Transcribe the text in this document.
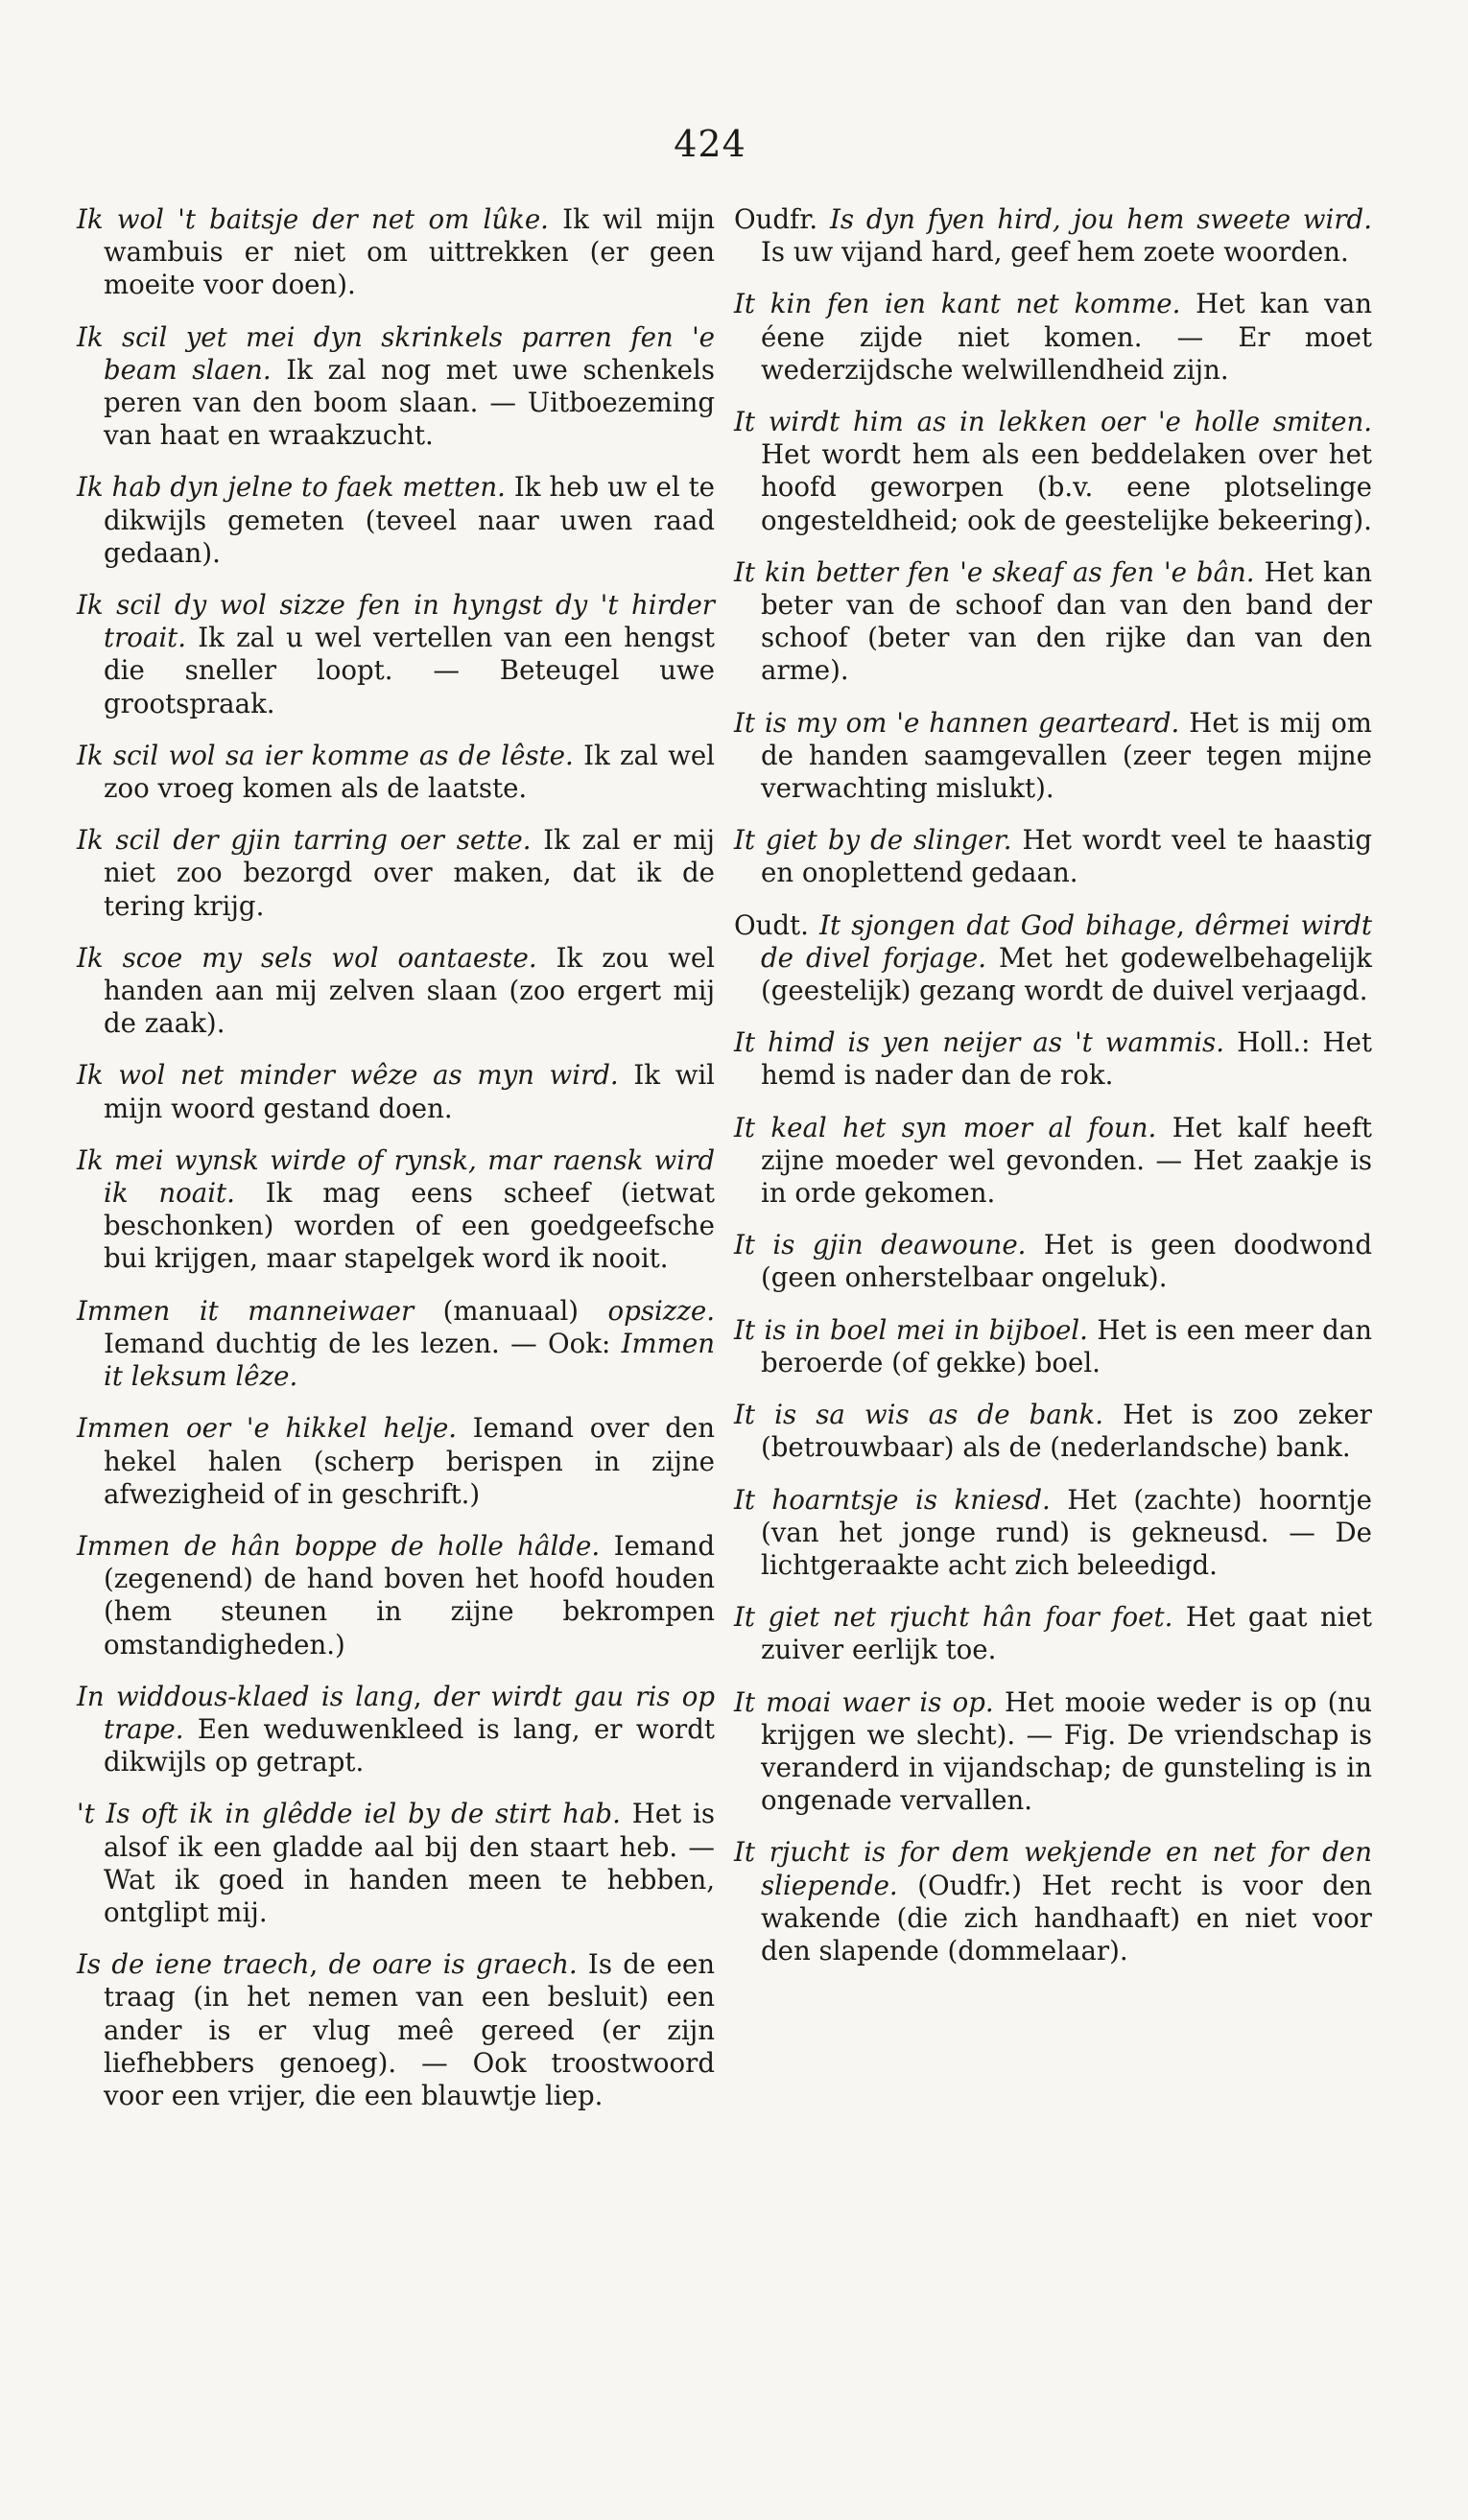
424

Ik wol 't baitsje der net om lûke. Ik wil mijn wambuis er niet om uittrekken (er geen moeite voor doen).

Ik scil yet mei dyn skrinkels parren fen 'e beam slaen. Ik zal nog met uwe schenkels peren van den boom slaan. — Uitboezeming van haat en wraakzucht.

Ik hab dyn jelne to faek metten. Ik heb uw el te dikwijls gemeten (teveel naar uwen raad gedaan).

Ik scil dy wol sizze fen in hyngst dy 't hirder troait. Ik zal u wel vertellen van een hengst die sneller loopt. — Beteugel uwe grootspraak.

Ik scil wol sa ier komme as de lêste. Ik zal wel zoo vroeg komen als de laatste.

Ik scil der gjin tarring oer sette. Ik zal er mij niet zoo bezorgd over maken, dat ik de tering krijg.

Ik scoe my sels wol oantaeste. Ik zou wel handen aan mij zelven slaan (zoo ergert mij de zaak).

Ik wol net minder wêze as myn wird. Ik wil mijn woord gestand doen.

Ik mei wynsk wirde of rynsk, mar raensk wird ik noait. Ik mag eens scheef (ietwat beschonken) worden of een goedgeefsche bui krijgen, maar stapelgek word ik nooit.

Immen it manneiwaer (manuaal) opsizze. Iemand duchtig de les lezen. — Ook: Immen it leksum lêze.

Immen oer 'e hikkel helje. Iemand over den hekel halen (scherp berispen in zijne afwezigheid of in geschrift.)

Immen de hân boppe de holle hâlde. Iemand (zegenend) de hand boven het hoofd houden (hem steunen in zijne bekrompen omstandigheden.)

In widdous-klaed is lang, der wirdt gau ris op trape. Een weduwenkleed is lang, er wordt dikwijls op getrapt.

't Is oft ik in glêdde iel by de stirt hab. Het is alsof ik een gladde aal bij den staart heb. — Wat ik goed in handen meen te hebben, ontglipt mij.

Is de iene traech, de oare is graech. Is de een traag (in het nemen van een besluit) een ander is er vlug meê gereed (er zijn liefhebbers genoeg). — Ook troostwoord voor een vrijer, die een blauwtje liep.

Oudfr. Is dyn fyen hird, jou hem sweete wird. Is uw vijand hard, geef hem zoete woorden.

It kin fen ien kant net komme. Het kan van éene zijde niet komen. — Er moet wederzijdsche welwillendheid zijn.

It wirdt him as in lekken oer 'e holle smiten. Het wordt hem als een beddelaken over het hoofd geworpen (b.v. eene plotselinge ongesteldheid; ook de geestelijke bekeering).

It kin better fen 'e skeaf as fen 'e bân. Het kan beter van de schoof dan van den band der schoof (beter van den rijke dan van den arme).

It is my om 'e hannen gearteard. Het is mij om de handen saamgevallen (zeer tegen mijne verwachting mislukt).

It giet by de slinger. Het wordt veel te haastig en onoplettend gedaan.

Oudt. It sjongen dat God bihage, dêrmei wirdt de divel forjage. Met het godewelbehagelijk (geestelijk) gezang wordt de duivel verjaagd.

It himd is yen neijer as 't wammis. Holl.: Het hemd is nader dan de rok.

It keal het syn moer al foun. Het kalf heeft zijne moeder wel gevonden. — Het zaakje is in orde gekomen.

It is gjin deawoune. Het is geen doodwond (geen onherstelbaar ongeluk).

It is in boel mei in bijboel. Het is een meer dan beroerde (of gekke) boel.

It is sa wis as de bank. Het is zoo zeker (betrouwbaar) als de (nederlandsche) bank.

It hoarntsje is kniesd. Het (zachte) hoorntje (van het jonge rund) is gekneusd. — De lichtgeraakte acht zich beleedigd.

It giet net rjucht hân foar foet. Het gaat niet zuiver eerlijk toe.

It moai waer is op. Het mooie weder is op (nu krijgen we slecht). — Fig. De vriendschap is veranderd in vijandschap; de gunsteling is in ongenade vervallen.

It rjucht is for dem wekjende en net for den sliepende. (Oudfr.) Het recht is voor den wakende (die zich handhaaft) en niet voor den slapende (dommelaar).
